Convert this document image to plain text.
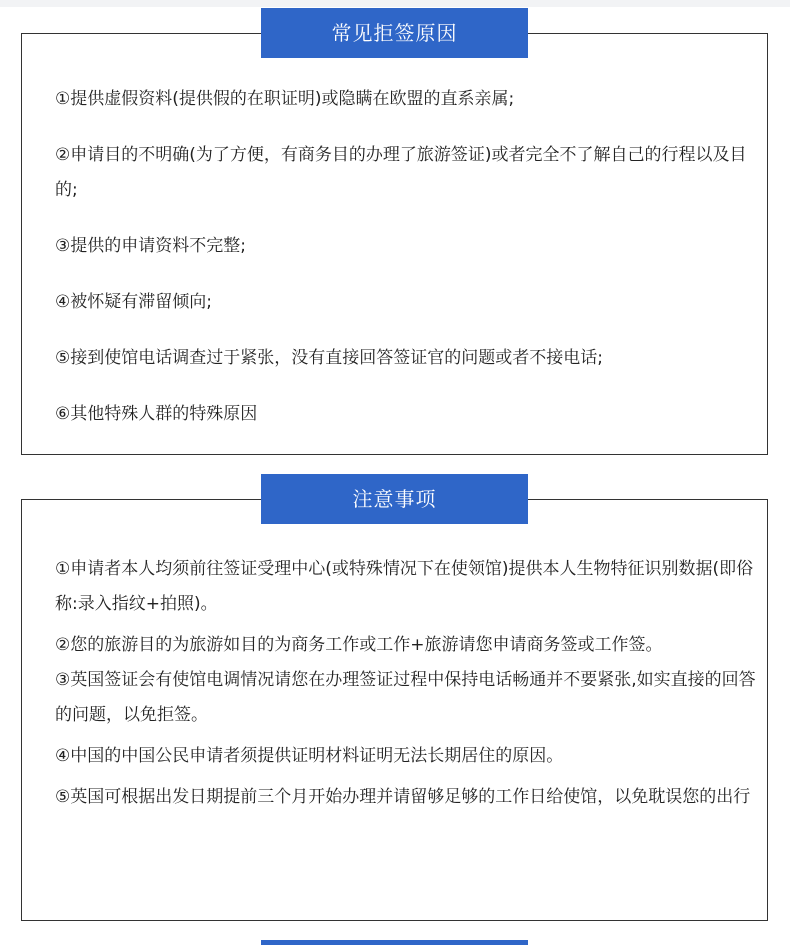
①提供虚假资料(提供假的在职证明)或隐瞒在欧盟的直系亲属;
②申请目的不明确(为了方便，有商务目的办理了旅游签证)或者完全不了解自己的行程以及目的;
③提供的申请资料不完整;
④被怀疑有滞留倾向;
⑤接到使馆电话调查过于紧张，没有直接回答签证官的问题或者不接电话;
⑥其他特殊人群的特殊原因
常见拒签原因
①申请者本人均须前往签证受理中心(或特殊情况下在使领馆)提供本人生物特征识别数据(即俗称:录入指纹+拍照)。
②您的旅游目的为旅游如目的为商务工作或工作+旅游请您申请商务签或工作签。
③英国签证会有使馆电调情况请您在办理签证过程中保持电话畅通并不要紧张,如实直接的回答的问题，以免拒签。
④中国的中国公民申请者须提供证明材料证明无法长期居住的原因。
⑤英国可根据出发日期提前三个月开始办理并请留够足够的工作日给使馆，以免耽误您的出行
注意事项
